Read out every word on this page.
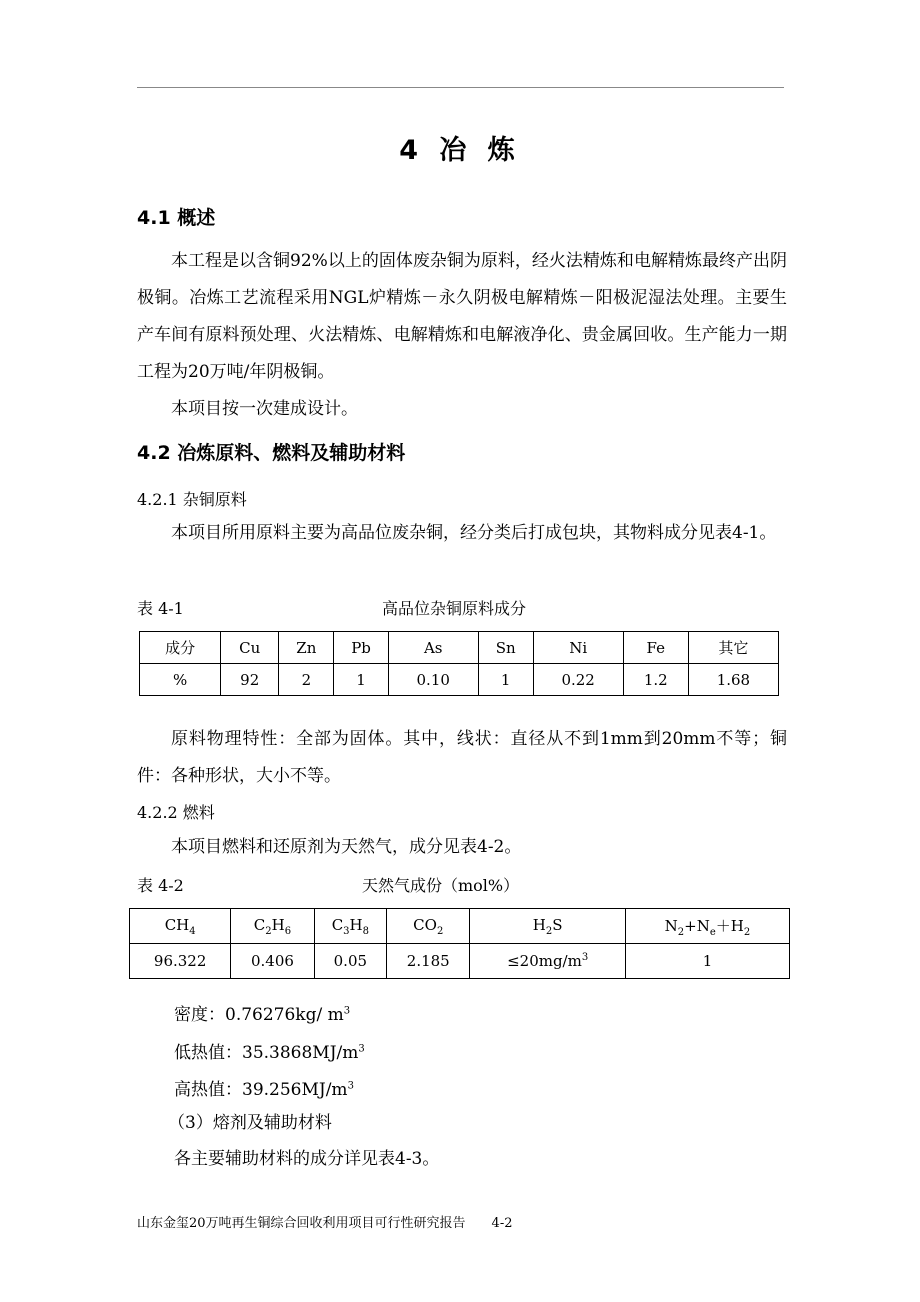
4 冶 炼
4.1 概述
本工程是以含铜92%以上的固体废杂铜为原料，经火法精炼和电解精炼最终产出阴极铜。冶炼工艺流程采用NGL炉精炼－永久阴极电解精炼－阳极泥湿法处理。主要生产车间有原料预处理、火法精炼、电解精炼和电解液净化、贵金属回收。生产能力一期工程为20万吨/年阴极铜。
本项目按一次建成设计。
4.2 冶炼原料、燃料及辅助材料
4.2.1 杂铜原料
本项目所用原料主要为高品位废杂铜，经分类后打成包块，其物料成分见表4-1。
表 4-1	高品位杂铜原料成分
成分	Cu	Zn	Pb	As	Sn	Ni	Fe	其它
%	92	2	1	0.10	1	0.22	1.2	1.68
原料物理特性：全部为固体。其中，线状：直径从不到1mm到20mm不等；铜件：各种形状，大小不等。
4.2.2 燃料
本项目燃料和还原剂为天然气，成分见表4-2。
表 4-2	天然气成份（mol%）
$CH_4$	$C_2H_6$	$C_3H_8$	$CO_2$	$H_2S$	$N_2+N_e+H_2$
96.322	0.406	0.05	2.185	$\le 20mg/m^3$	1
密度：0.76276kg/ $m^3$
低热值：$35.3868MJ/m^3$
高热值：$39.256MJ/m^3$
（3）熔剂及辅助材料
各主要辅助材料的成分详见表4-3。
山东金玺20万吨再生铜综合回收利用项目可行性研究报告 4-2
